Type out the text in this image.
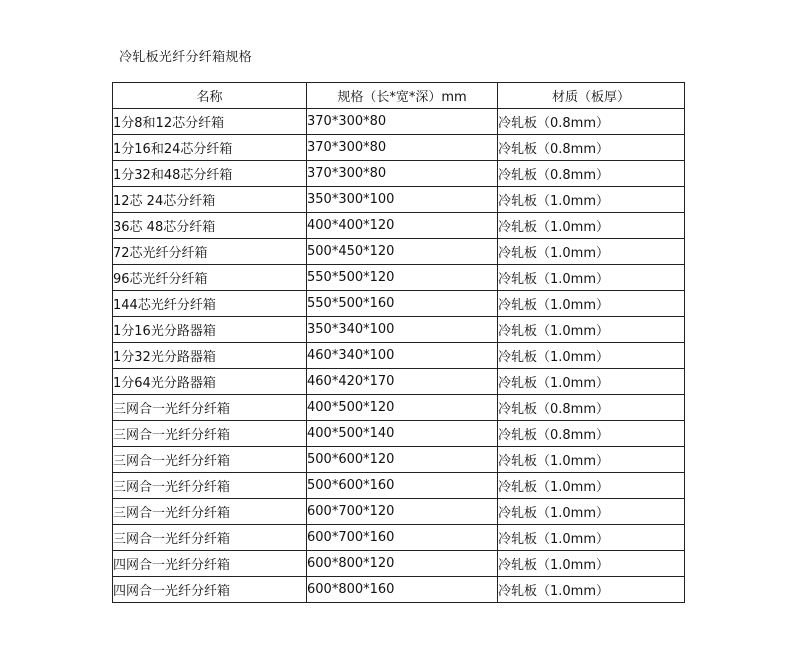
冷轧板光纤分纤箱规格
名称	规格（长*宽*深）mm	材质（板厚）
1分8和12芯分纤箱	370*300*80	冷轧板（0.8mm）
1分16和24芯分纤箱	370*300*80	冷轧板（0.8mm）
1分32和48芯分纤箱	370*300*80	冷轧板（0.8mm）
12芯 24芯分纤箱	350*300*100	冷轧板（1.0mm）
36芯 48芯分纤箱	400*400*120	冷轧板（1.0mm）
72芯光纤分纤箱	500*450*120	冷轧板（1.0mm）
96芯光纤分纤箱	550*500*120	冷轧板（1.0mm）
144芯光纤分纤箱	550*500*160	冷轧板（1.0mm）
1分16光分路器箱	350*340*100	冷轧板（1.0mm）
1分32光分路器箱	460*340*100	冷轧板（1.0mm）
1分64光分路器箱	460*420*170	冷轧板（1.0mm）
三网合一光纤分纤箱	400*500*120	冷轧板（0.8mm）
三网合一光纤分纤箱	400*500*140	冷轧板（0.8mm）
三网合一光纤分纤箱	500*600*120	冷轧板（1.0mm）
三网合一光纤分纤箱	500*600*160	冷轧板（1.0mm）
三网合一光纤分纤箱	600*700*120	冷轧板（1.0mm）
三网合一光纤分纤箱	600*700*160	冷轧板（1.0mm）
四网合一光纤分纤箱	600*800*120	冷轧板（1.0mm）
四网合一光纤分纤箱	600*800*160	冷轧板（1.0mm）
